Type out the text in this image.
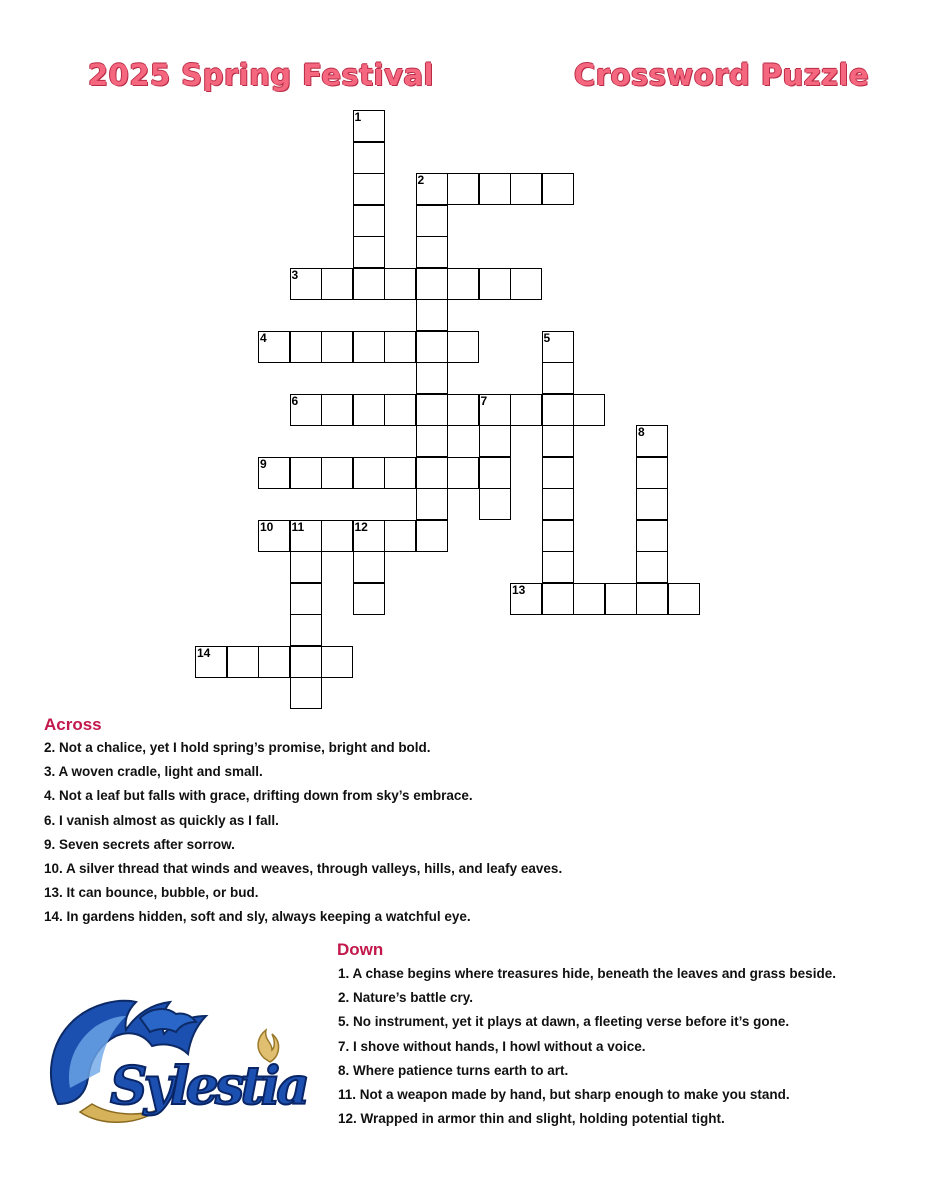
2025 Spring Festival	Crossword Puzzle
1
2
3
4	5
6	7
8
9
10 11	12
13
14
Across
2. Not a chalice, yet I hold spring’s promise, bright and bold.
3. A woven cradle, light and small.
4. Not a leaf but falls with grace, drifting down from sky’s embrace.
6. I vanish almost as quickly as I fall.
9. Seven secrets after sorrow.
10. A silver thread that winds and weaves, through valleys, hills, and leafy eaves.
13. It can bounce, bubble, or bud.
14. In gardens hidden, soft and sly, always keeping a watchful eye.
Down
1. A chase begins where treasures hide, beneath the leaves and grass beside.
2. Nature’s battle cry.
5. No instrument, yet it plays at dawn, a fleeting verse before it’s gone.
7. I shove without hands, I howl without a voice.
8. Where patience turns earth to art.
11. Not a weapon made by hand, but sharp enough to make you stand.
12. Wrapped in armor thin and slight, holding potential tight.
Sylestia
